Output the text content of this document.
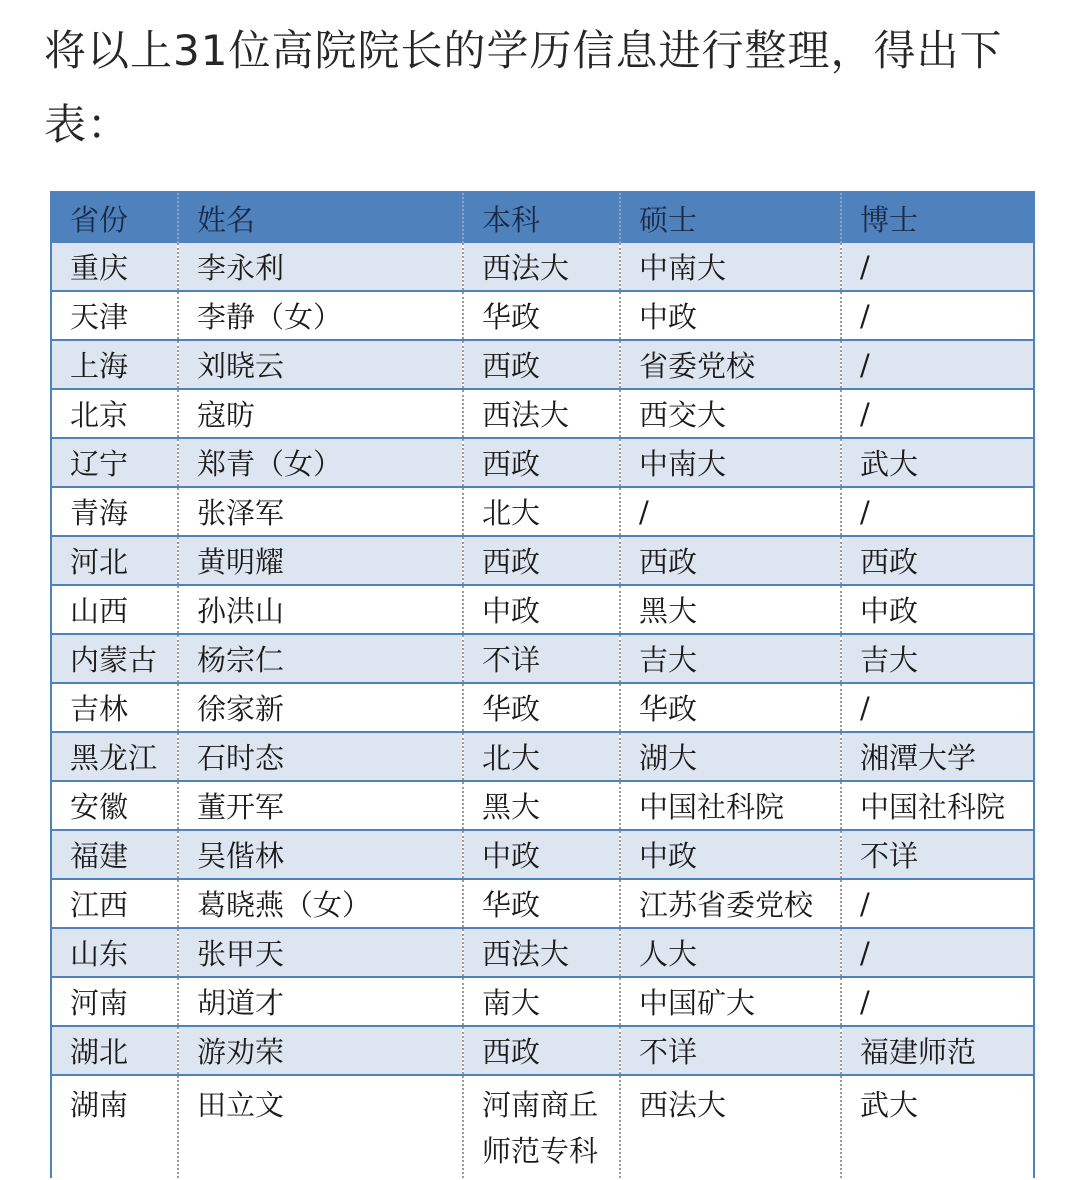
将以上31位高院院长的学历信息进行整理，得出下表：

省份	姓名	本科	硕士	博士
重庆	李永利	西法大	中南大	/
天津	李静（女）	华政	中政	/
上海	刘晓云	西政	省委党校	/
北京	寇昉	西法大	西交大	/
辽宁	郑青（女）	西政	中南大	武大
青海	张泽军	北大	/	/
河北	黄明耀	西政	西政	西政
山西	孙洪山	中政	黑大	中政
内蒙古	杨宗仁	不详	吉大	吉大
吉林	徐家新	华政	华政	/
黑龙江	石时态	北大	湖大	湘潭大学
安徽	董开军	黑大	中国社科院	中国社科院
福建	吴偕林	中政	中政	不详
江西	葛晓燕（女）	华政	江苏省委党校	/
山东	张甲天	西法大	人大	/
河南	胡道才	南大	中国矿大	/
湖北	游劝荣	西政	不详	福建师范
湖南	田立文	河南商丘师范专科	西法大	武大
